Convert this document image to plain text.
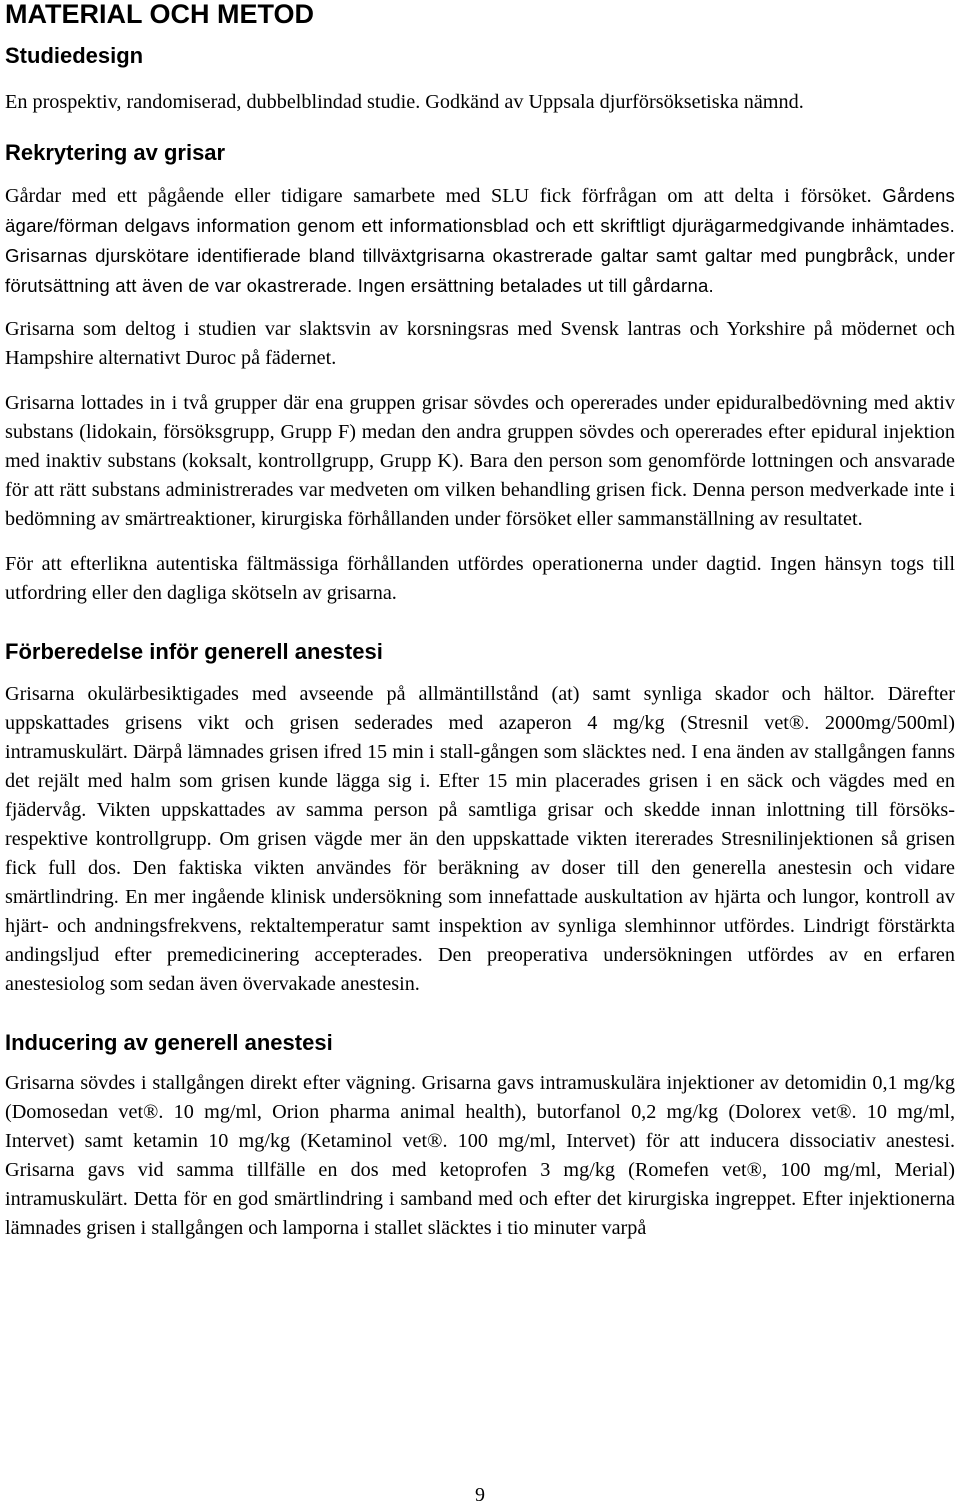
MATERIAL OCH METOD
Studiedesign

En prospektiv, randomiserad, dubbelblindad studie. Godkänd av Uppsala djurförsöksetiska nämnd.

Rekrytering av grisar

Gårdar med ett pågående eller tidigare samarbete med SLU fick förfrågan om att delta i försöket. Gårdens ägare/förman delgavs information genom ett informationsblad och ett skriftligt djurägarmedgivande inhämtades. Grisarnas djurskötare identifierade bland tillväxtgrisarna okastrerade galtar samt galtar med pungbråck, under förutsättning att även de var okastrerade. Ingen ersättning betalades ut till gårdarna.

Grisarna som deltog i studien var slaktsvin av korsningsras med Svensk lantras och Yorkshire på mödernet och Hampshire alternativt Duroc på fädernet.

Grisarna lottades in i två grupper där ena gruppen grisar sövdes och opererades under epiduralbedövning med aktiv substans (lidokain, försöksgrupp, Grupp F) medan den andra gruppen sövdes och opererades efter epidural injektion med inaktiv substans (koksalt, kontrollgrupp, Grupp K). Bara den person som genomförde lottningen och ansvarade för att rätt substans administrerades var medveten om vilken behandling grisen fick. Denna person medverkade inte i bedömning av smärtreaktioner, kirurgiska förhållanden under försöket eller sammanställning av resultatet.

För att efterlikna autentiska fältmässiga förhållanden utfördes operationerna under dagtid. Ingen hänsyn togs till utfordring eller den dagliga skötseln av grisarna.

Förberedelse inför generell anestesi

Grisarna okulärbesiktigades med avseende på allmäntillstånd (at) samt synliga skador och hältor. Därefter uppskattades grisens vikt och grisen sederades med azaperon 4 mg/kg (Stresnil vet®. 2000mg/500ml) intramuskulärt. Därpå lämnades grisen ifred 15 min i stall-gången som släcktes ned. I ena änden av stallgången fanns det rejält med halm som grisen kunde lägga sig i. Efter 15 min placerades grisen i en säck och vägdes med en fjädervåg. Vikten uppskattades av samma person på samtliga grisar och skedde innan inlottning till försöks- respektive kontrollgrupp. Om grisen vägde mer än den uppskattade vikten itererades Stresnilinjektionen så grisen fick full dos. Den faktiska vikten användes för beräkning av doser till den generella anestesin och vidare smärtlindring. En mer ingående klinisk undersökning som innefattade auskultation av hjärta och lungor, kontroll av hjärt- och andningsfrekvens, rektaltemperatur samt inspektion av synliga slemhinnor utfördes. Lindrigt förstärkta andingsljud efter premedicinering accepterades. Den preoperativa undersökningen utfördes av en erfaren anestesiolog som sedan även övervakade anestesin.

Inducering av generell anestesi

Grisarna sövdes i stallgången direkt efter vägning. Grisarna gavs intramuskulära injektioner av detomidin 0,1 mg/kg (Domosedan vet®. 10 mg/ml, Orion pharma animal health), butorfanol 0,2 mg/kg (Dolorex vet®. 10 mg/ml, Intervet) samt ketamin 10 mg/kg (Ketaminol vet®. 100 mg/ml, Intervet) för att inducera dissociativ anestesi. Grisarna gavs vid samma tillfälle en dos med ketoprofen 3 mg/kg (Romefen vet®, 100 mg/ml, Merial) intramuskulärt. Detta för en god smärtlindring i samband med och efter det kirurgiska ingreppet. Efter injektionerna lämnades grisen i stallgången och lamporna i stallet släcktes i tio minuter varpå

9
